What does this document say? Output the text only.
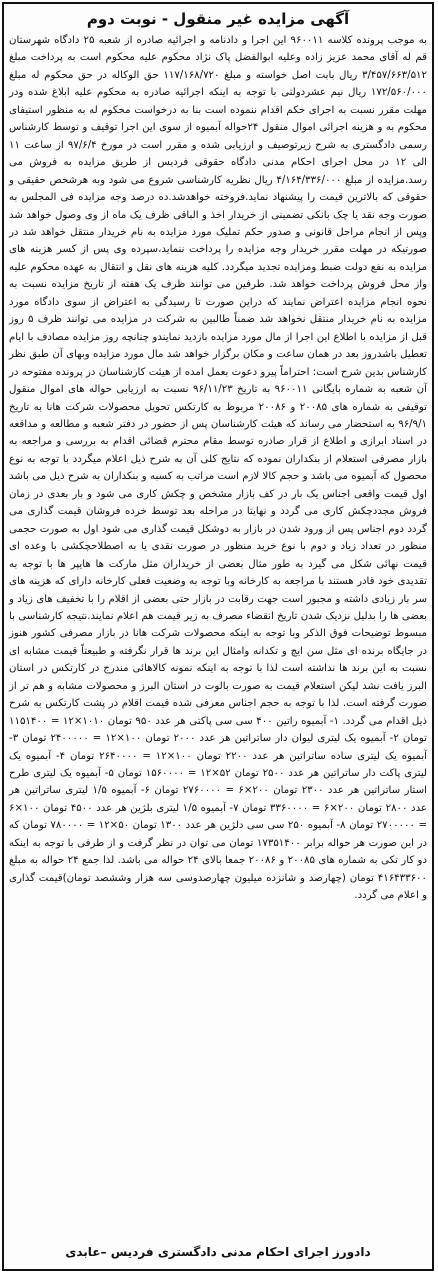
آگهی مزایده غیر منقول - نوبت دوم

به موجب پرونده کلاسه ۹۶۰۰۱۱ این اجرا و دادنامه و اجرائیه صادره از شعبه ۲۵ دادگاه شهرستان قم له آقای محمد عزیز زاده وعلیه ابوالفضل پاک نژاد محکوم علیه محکوم است به پرداخت مبلغ ۳/۴۵۷/۶۶۳/۵۱۲ ریال بابت اصل خواسته و مبلغ ۱۱۷/۱۶۸/۷۲۰ حق الوکاله در حق محکوم له مبلغ ۱۷۲/۵۶۰/۰۰۰ ریال نیم عشردولتی با توجه به اینکه اجرائیه صادره به محکوم علیه ابلاغ شده ودر مهلت مقرر نسبت به اجرای حکم اقدام ننموده است بنا به درخواست محکوم له به منظور استیفای محکوم به و هزینه اجرائی اموال منقول ۲۴حواله آبمیوه از سوی این اجرا توقیف و توسط کارشناس رسمی دادگستری به شرح زیرتوصیف و ارزیابی شده و مقرر است در مورخ ۹۷/۶/۴ از ساعت ۱۱ الی ۱۲ در محل اجرای احکام مدنی دادگاه حقوقی فردیس از طریق مزایده به فروش می رسد.مزایده از مبلغ ۴/۱۶۴/۳۳۶/۰۰۰ ریال نظریه کارشناسی شروع می شود وبه هرشخص حقیقی و حقوقی که بالاترین قیمت را پیشنهاد نماید.فروخته خواهدشد.ده درصد وجه مزایده فی المجلس به صورت وجه نقد یا چک بانکی تضمینی از خریدار اخذ و الباقی ظرف یک ماه از وی وصول خواهد شد وپس از انجام مراحل قانونی و صدور حکم تملیک مورد مزایده به نام خریدار منتقل خواهد شد در صورتیکه در مهلت مقرر خریدار وجه مزایده را پرداخت ننماید،سپرده وی پس از کسر هزینه های مزایده به نفع دولت ضبط ومزایده تجدید میگردد. کلیه هزینه های نقل و انتقال به عهده محکوم علیه واز محل فروش پرداخت خواهد شد. طرفین می توانند ظرف یک هفته از تاریخ مزایده نسبت به نحوه انجام مزایده اعتراض نمایند که دراین صورت تا رسیدگی به اعتراض از سوی دادگاه مورد مزایده به نام خریدار منتقل نخواهد شد ضمناً طالبین به شرکت در مزایده می توانند ظرف ۵ روز قبل از مزایده با اطلاع این اجرا از مال مورد مزایده بازدید نمایندو چنانچه روز مزایده مصادف با ایام تعطیل باشدروز بعد در همان ساعت و مکان برگزار خواهد شد مال مورد مزایده وبهای آن طبق نظر کارشناس بدین شرح است: احتراماً پیرو دعوت بعمل امده از هیئت کارشناسان در پرونده مفتوحه در آن شعبه به شماره بایگانی ۹۶۰۰۱۱ به تاریخ ۹۶/۱۱/۲۳ نسبت به ارزیابی حواله های اموال منقول توقیفی به شماره های ۲۰۰۸۵ و ۲۰۰۸۶ مربوط به کارتکس تحویل محصولات شرکت هانا به تاریخ ۹۶/۹/۱ به استحضار می رساند که هیئت کارشناسان پس از حضور در دفتر شعبه و مطالعه و مداقعه در اسناد ابرازی و اطلاع از قرار صادره توسط مقام محترم قضائی اقدام به بررسی و مراجعه به بازار مصرفی استعلام از بنکداران نموده که نتایج کلی آن به شرح ذیل اعلام میگردد با توجه به نوع محصول که آبمیوه می باشد و حجم کالا لازم است مراتب به کسبه و بنکداران به شرح ذیل می باشد اول قیمت واقعی اجناس یک بار در کف بازار مشخص و چکش کاری می شود و بار بعدی در زمان فروش مجددچکش کاری می گردد و نهایتا در مراحله بعد توسط خرده فروشان قیمت گذاری می گردد دوم اجناس پس از ورود شدن در بازار به دوشکل قیمت گذاری می شود اول به صورت حجمی منظور در تعداد زیاد و دوم با نوع خرید منظور در صورت نقدی یا به اصطلاحچکشی با وعده ای قیمت نهائی شکل می گیرد به طور مثال بعضی از خریداران مثل مارکت ها هایپر ها با توجه به تقدیدی خود قادر هستند با مراجعه به کارخانه وبا توجه به وضعیت فعلی کارخانه دارای که هزینه های سر بار زیادی داشته و مجبور است جهت رقابت در بازار حتی بعضی از اقلام را با تخفیف های زیاد و بعضی ها را بدلیل نزدیک شدن تاریخ انقضاء مصرف به زیر قیمت هم اعلام نمایند.نتیجه کارشناسی با مبسوط توضیحات فوق الذکر وبا توجه به اینکه محصولات شرکت هانا در بازار مصرفی کشور هنوز در جایگاه برنده ای مثل سن ایچ و تکدانه وامثال این برند ها قرار نگرفته و طبیعتاً قیمت مشابه ای نسبت به این برند ها نداشته است لذا با توجه به اینکه نمونه کالاهائی مندرج در کارتکس در استان البرز یافت نشد لیکن استعلام قیمت به صورت بالوت در استان البرز و محصولات مشابه و هم تر از صورت گرفته است. لذا با توجه به حجم اجناس معرفی شده قیمت اقلام در پشت کارتکس به شرح ذیل اقدام می گردد. ۱- آبمیوه راتین ۴۰۰ سی سی پاکتی هر عدد ۹۵۰ تومان ۱۰۱۰×۱۲ = ۱۱۵۱۴۰۰ تومان ۲- آبمیوه یک لیتری لیوان دار ساتراتین هر عدد ۲۰۰۰ تومان ۱۰۰×۱۲ = ۲۴۰۰۰۰۰ تومان ۳- آبمیوه یک لیتری ساده ساتراتین هر عدد ۲۲۰۰ تومان ۱۰۰×۱۲ = ۲۶۴۰۰۰۰ تومان ۴- آبمیوه یک لیتری پاکت دار ساتراتین هر عدد ۲۵۰۰ تومان ۵۲×۱۲ = ۱۵۶۰۰۰۰ تومان ۵- آبمیوه یک لیتری طرح استار ساتراتین هر عدد ۲۳۰۰ تومان ۲۰۰×۶ = ۲۷۶۰۰۰۰ تومان ۶- آبمیوه ۱/۵ لیتری ساتراتین هر عدد ۲۸۰۰ تومان ۲۰۰×۶ = ۳۳۶۰۰۰۰ تومان ۷- آبمیوه ۱/۵ لیتری بلژین هر عدد ۴۵۰۰ تومان ۱۰۰×۶ = ۲۷۰۰۰۰۰ تومان ۸- آبمیوه ۲۵۰ سی سی دلژین هر عدد ۱۳۰۰ تومان ۵۰×۱۲ = ۷۸۰۰۰۰ تومان که در این صورت هر حواله برابر ۱۷۳۵۱۴۰۰ تومان می توان در نظر گرفت و از طرفی با توجه به اینکه دو کار تکی به شماره های ۲۰۰۸۵ و ۲۰۰۸۶ جمعا بالای ۲۴ حواله می باشد. لذا جمع ۲۴ حواله به مبلغ ۴۱۶۴۳۳۶۰۰ تومان (چهارصد و شانزده میلیون چهارصدوسی سه هزار وششصد تومان)قیمت گذاری و اعلام می گردد.

دادورز اجرای احکام مدنی دادگستری فردیس –عابدی
